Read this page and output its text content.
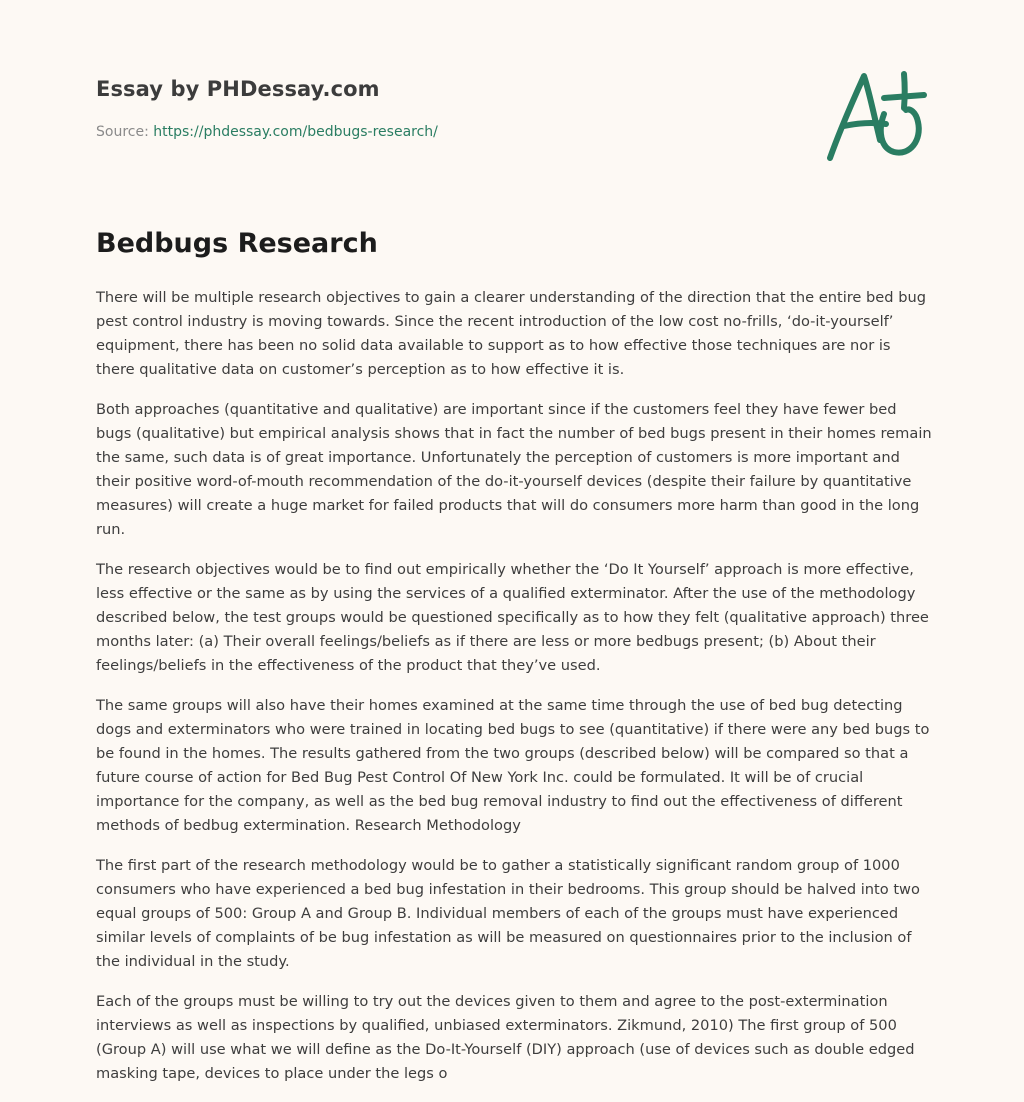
Essay by PHDessay.com
Source: https://phdessay.com/bedbugs-research/
Bedbugs Research

There will be multiple research objectives to gain a clearer understanding of the direction that the entire bed bug pest control industry is moving towards. Since the recent introduction of the low cost no-frills, ‘do-it-yourself’ equipment, there has been no solid data available to support as to how effective those techniques are nor is there qualitative data on customer’s perception as to how effective it is.

Both approaches (quantitative and qualitative) are important since if the customers feel they have fewer bed bugs (qualitative) but empirical analysis shows that in fact the number of bed bugs present in their homes remain the same, such data is of great importance. Unfortunately the perception of customers is more important and their positive word-of-mouth recommendation of the do-it-yourself devices (despite their failure by quantitative measures) will create a huge market for failed products that will do consumers more harm than good in the long run.

The research objectives would be to find out empirically whether the ‘Do It Yourself’ approach is more effective, less effective or the same as by using the services of a qualified exterminator. After the use of the methodology described below, the test groups would be questioned specifically as to how they felt (qualitative approach) three months later: (a) Their overall feelings/beliefs as if there are less or more bedbugs present; (b) About their feelings/beliefs in the effectiveness of the product that they’ve used.

The same groups will also have their homes examined at the same time through the use of bed bug detecting dogs and exterminators who were trained in locating bed bugs to see (quantitative) if there were any bed bugs to be found in the homes. The results gathered from the two groups (described below) will be compared so that a future course of action for Bed Bug Pest Control Of New York Inc. could be formulated. It will be of crucial importance for the company, as well as the bed bug removal industry to find out the effectiveness of different methods of bedbug extermination. Research Methodology

The first part of the research methodology would be to gather a statistically significant random group of 1000 consumers who have experienced a bed bug infestation in their bedrooms. This group should be halved into two equal groups of 500: Group A and Group B. Individual members of each of the groups must have experienced similar levels of complaints of be bug infestation as will be measured on questionnaires prior to the inclusion of the individual in the study.

Each of the groups must be willing to try out the devices given to them and agree to the post-extermination interviews as well as inspections by qualified, unbiased exterminators. Zikmund, 2010) The first group of 500 (Group A) will use what we will define as the Do-It-Yourself (DIY) approach (use of devices such as double edged masking tape, devices to place under the legs o
